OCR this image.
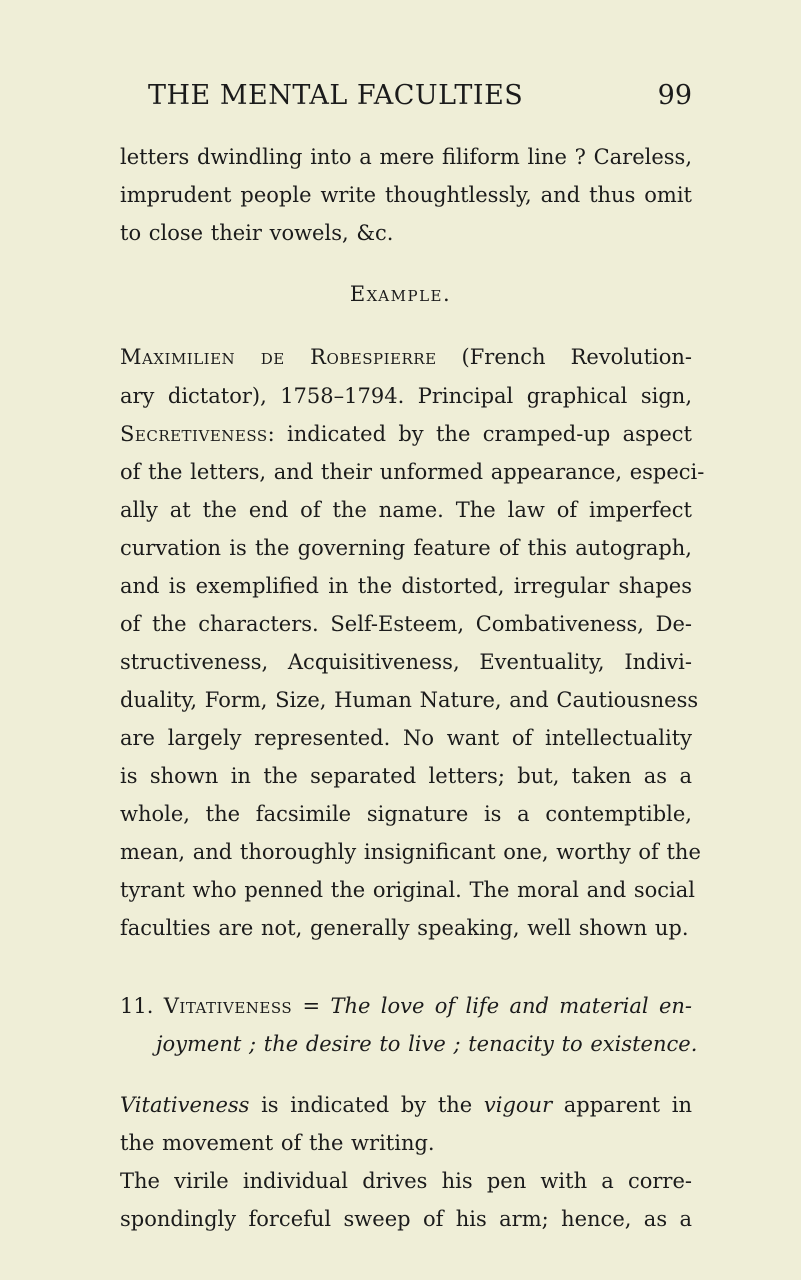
THE MENTAL FACULTIES	99
letters dwindling into a mere filiform line ? Careless,
imprudent people write thoughtlessly, and thus omit
to close their vowels, &c.
Example.
Maximilien de Robespierre (French Revolution-
ary dictator), 1758–1794. Principal graphical sign,
Secretiveness: indicated by the cramped-up aspect
of the letters, and their unformed appearance, especi-
ally at the end of the name. The law of imperfect
curvation is the governing feature of this autograph,
and is exemplified in the distorted, irregular shapes
of the characters. Self-Esteem, Combativeness, De-
structiveness, Acquisitiveness, Eventuality, Indivi-
duality, Form, Size, Human Nature, and Cautiousness
are largely represented. No want of intellectuality
is shown in the separated letters; but, taken as a
whole, the facsimile signature is a contemptible,
mean, and thoroughly insignificant one, worthy of the
tyrant who penned the original. The moral and social
faculties are not, generally speaking, well shown up.
11. Vitativeness = The love of life and material en-
joyment ; the desire to live ; tenacity to existence.
Vitativeness is indicated by the vigour apparent in
the movement of the writing.
The virile individual drives his pen with a corre-
spondingly forceful sweep of his arm; hence, as a
